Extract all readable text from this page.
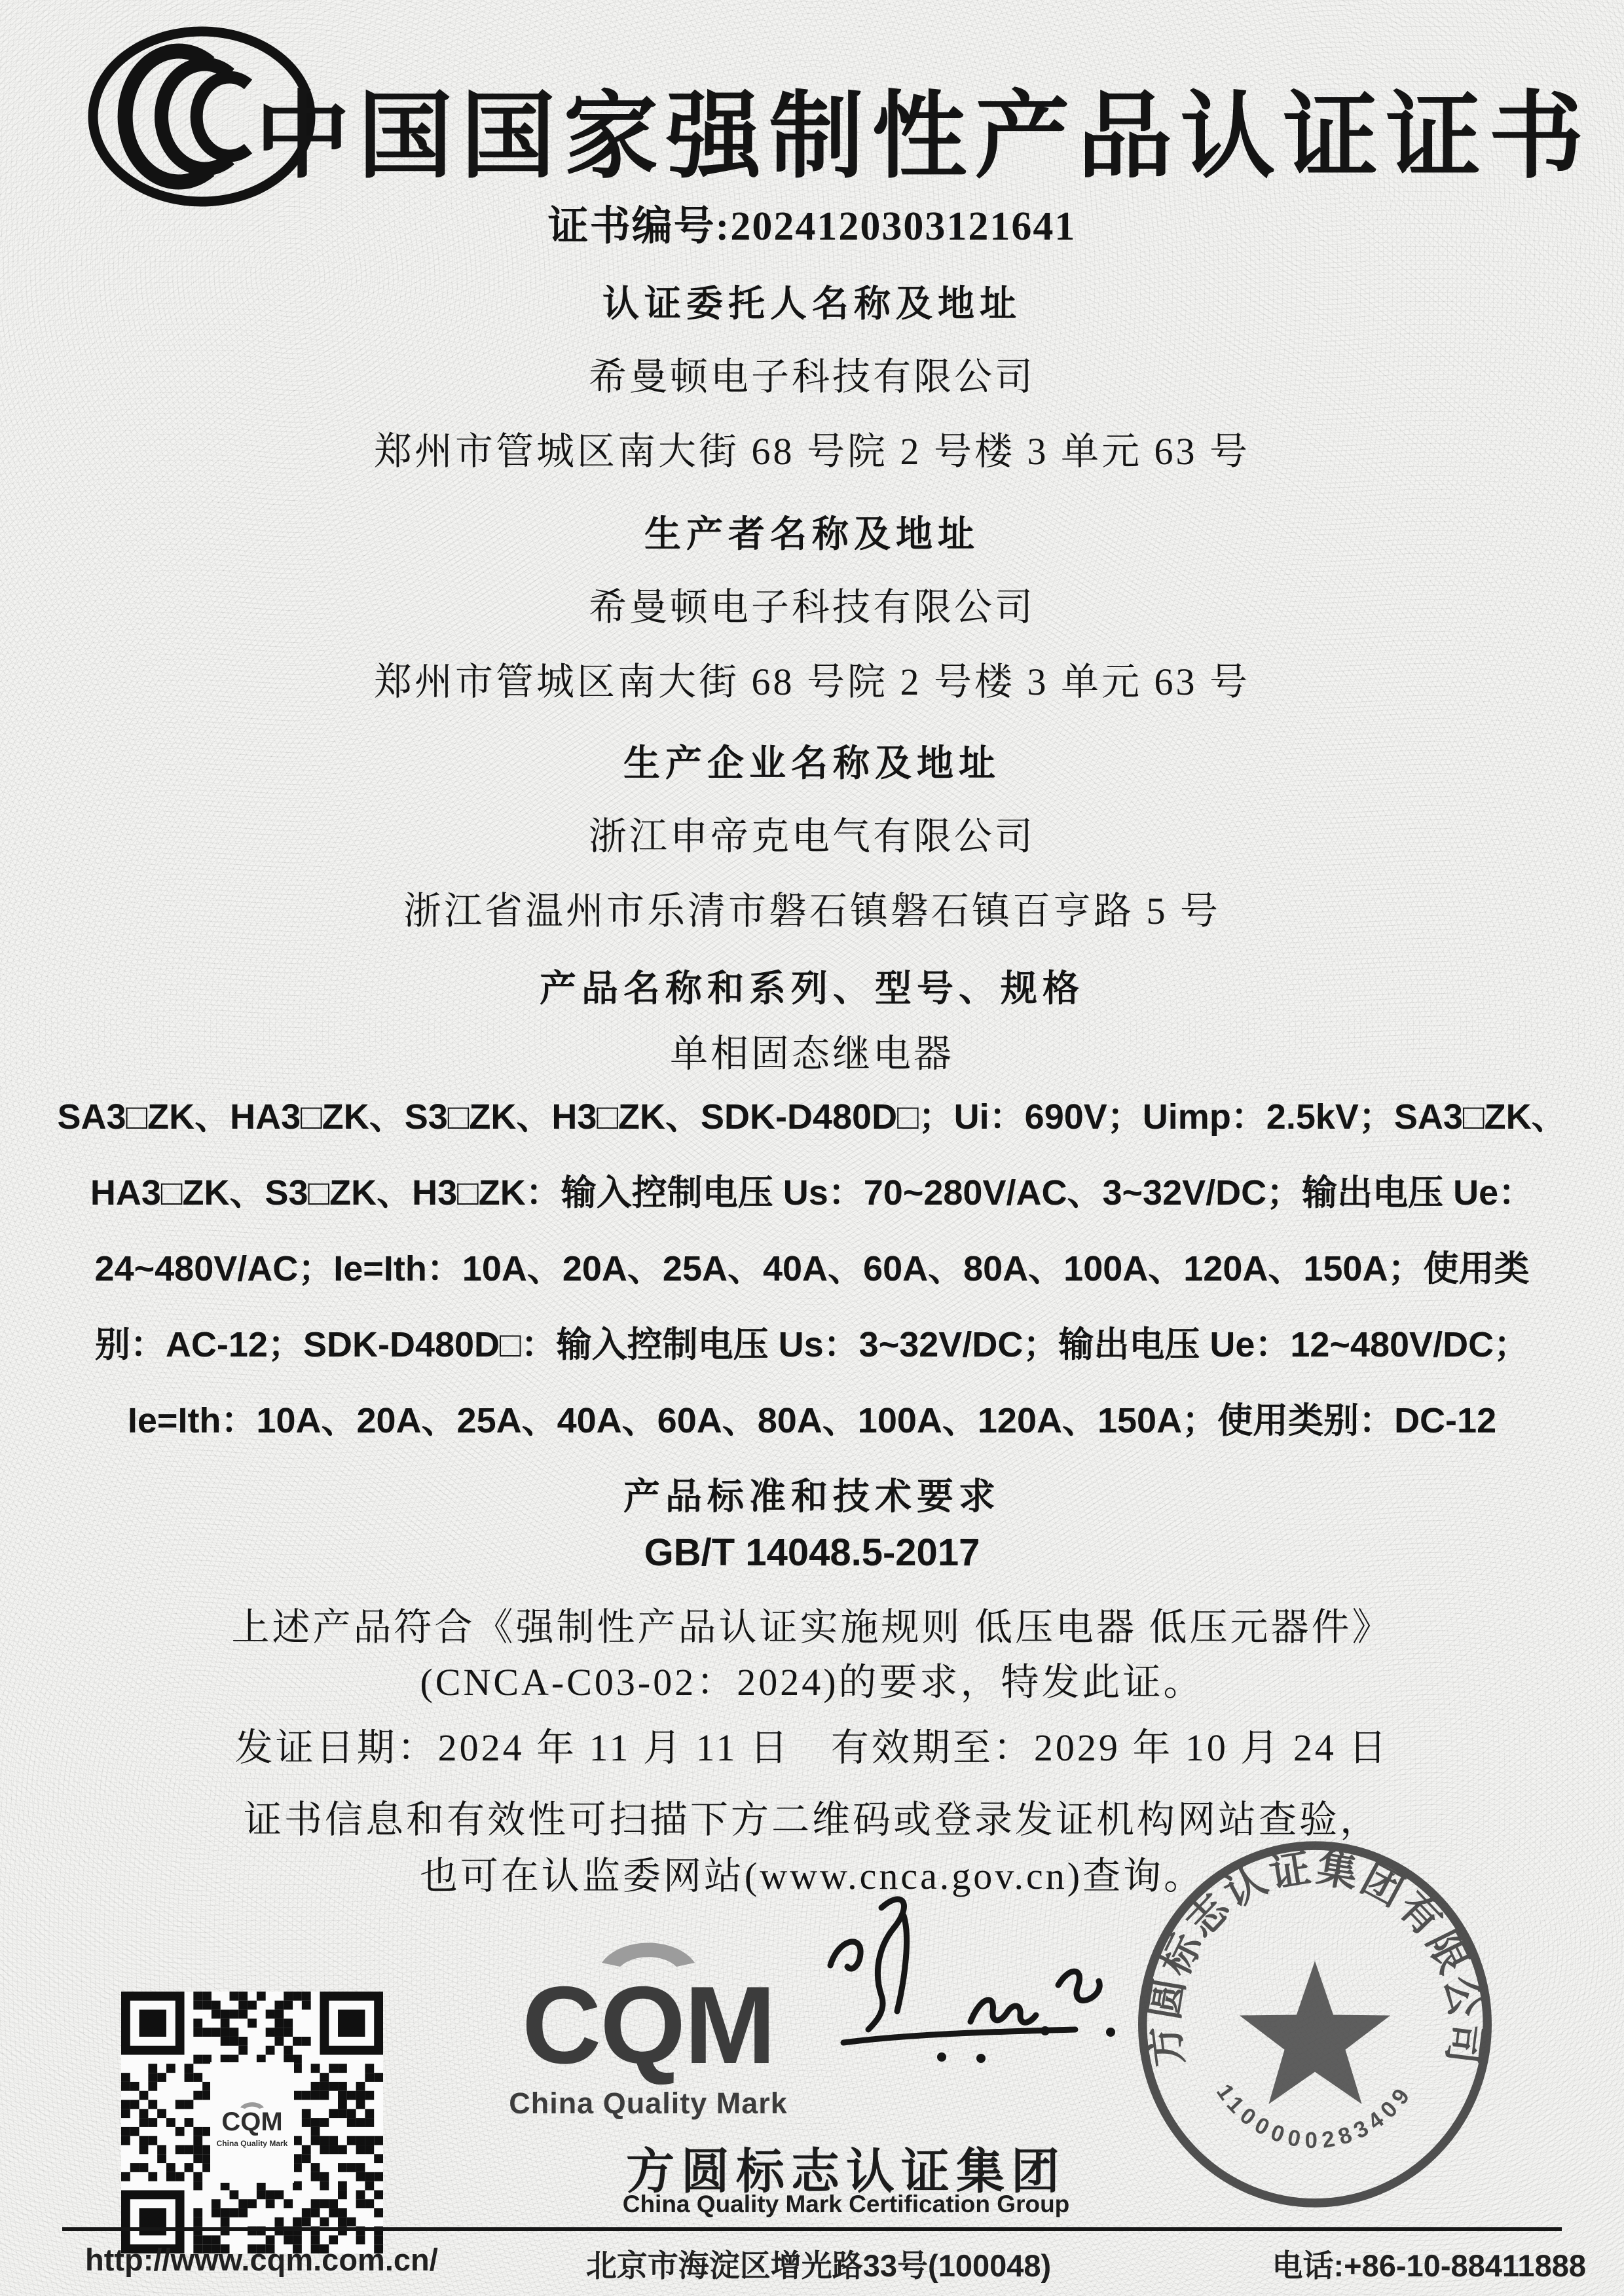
中国国家强制性产品认证证书
证书编号:2024120303121641
认证委托人名称及地址
希曼顿电子科技有限公司
郑州市管城区南大街 68 号院 2 号楼 3 单元 63 号
生产者名称及地址
希曼顿电子科技有限公司
郑州市管城区南大街 68 号院 2 号楼 3 单元 63 号
生产企业名称及地址
浙江申帝克电气有限公司
浙江省温州市乐清市磐石镇磐石镇百亨路 5 号
产品名称和系列、型号、规格
单相固态继电器
SA3□ZK、HA3□ZK、S3□ZK、H3□ZK、SDK-D480D□；Ui：690V；Uimp：2.5kV；SA3□ZK、
HA3□ZK、S3□ZK、H3□ZK：输入控制电压 Us：70~280V/AC、3~32V/DC；输出电压 Ue：
24~480V/AC；Ie=Ith：10A、20A、25A、40A、60A、80A、100A、120A、150A；使用类
别：AC-12；SDK-D480D□：输入控制电压 Us：3~32V/DC；输出电压 Ue：12~480V/DC；
Ie=Ith：10A、20A、25A、40A、60A、80A、100A、120A、150A；使用类别：DC-12
产品标准和技术要求
GB/T 14048.5-2017
上述产品符合《强制性产品认证实施规则 低压电器 低压元器件》
(CNCA-C03-02：2024)的要求，特发此证。
发证日期：2024 年 11 月 11 日　有效期至：2029 年 10 月 24 日
证书信息和有效性可扫描下方二维码或登录发证机构网站查验，
也可在认监委网站(www.cnca.gov.cn)查询。
CQM
China Quality Mark
CQM
China Quality Mark
方圆标志认证集团
China Quality Mark Certification Group
方圆标志认证集团有限公司
1100000283409
http://www.cqm.com.cn/	北京市海淀区增光路33号(100048)	电话:+86-10-88411888
